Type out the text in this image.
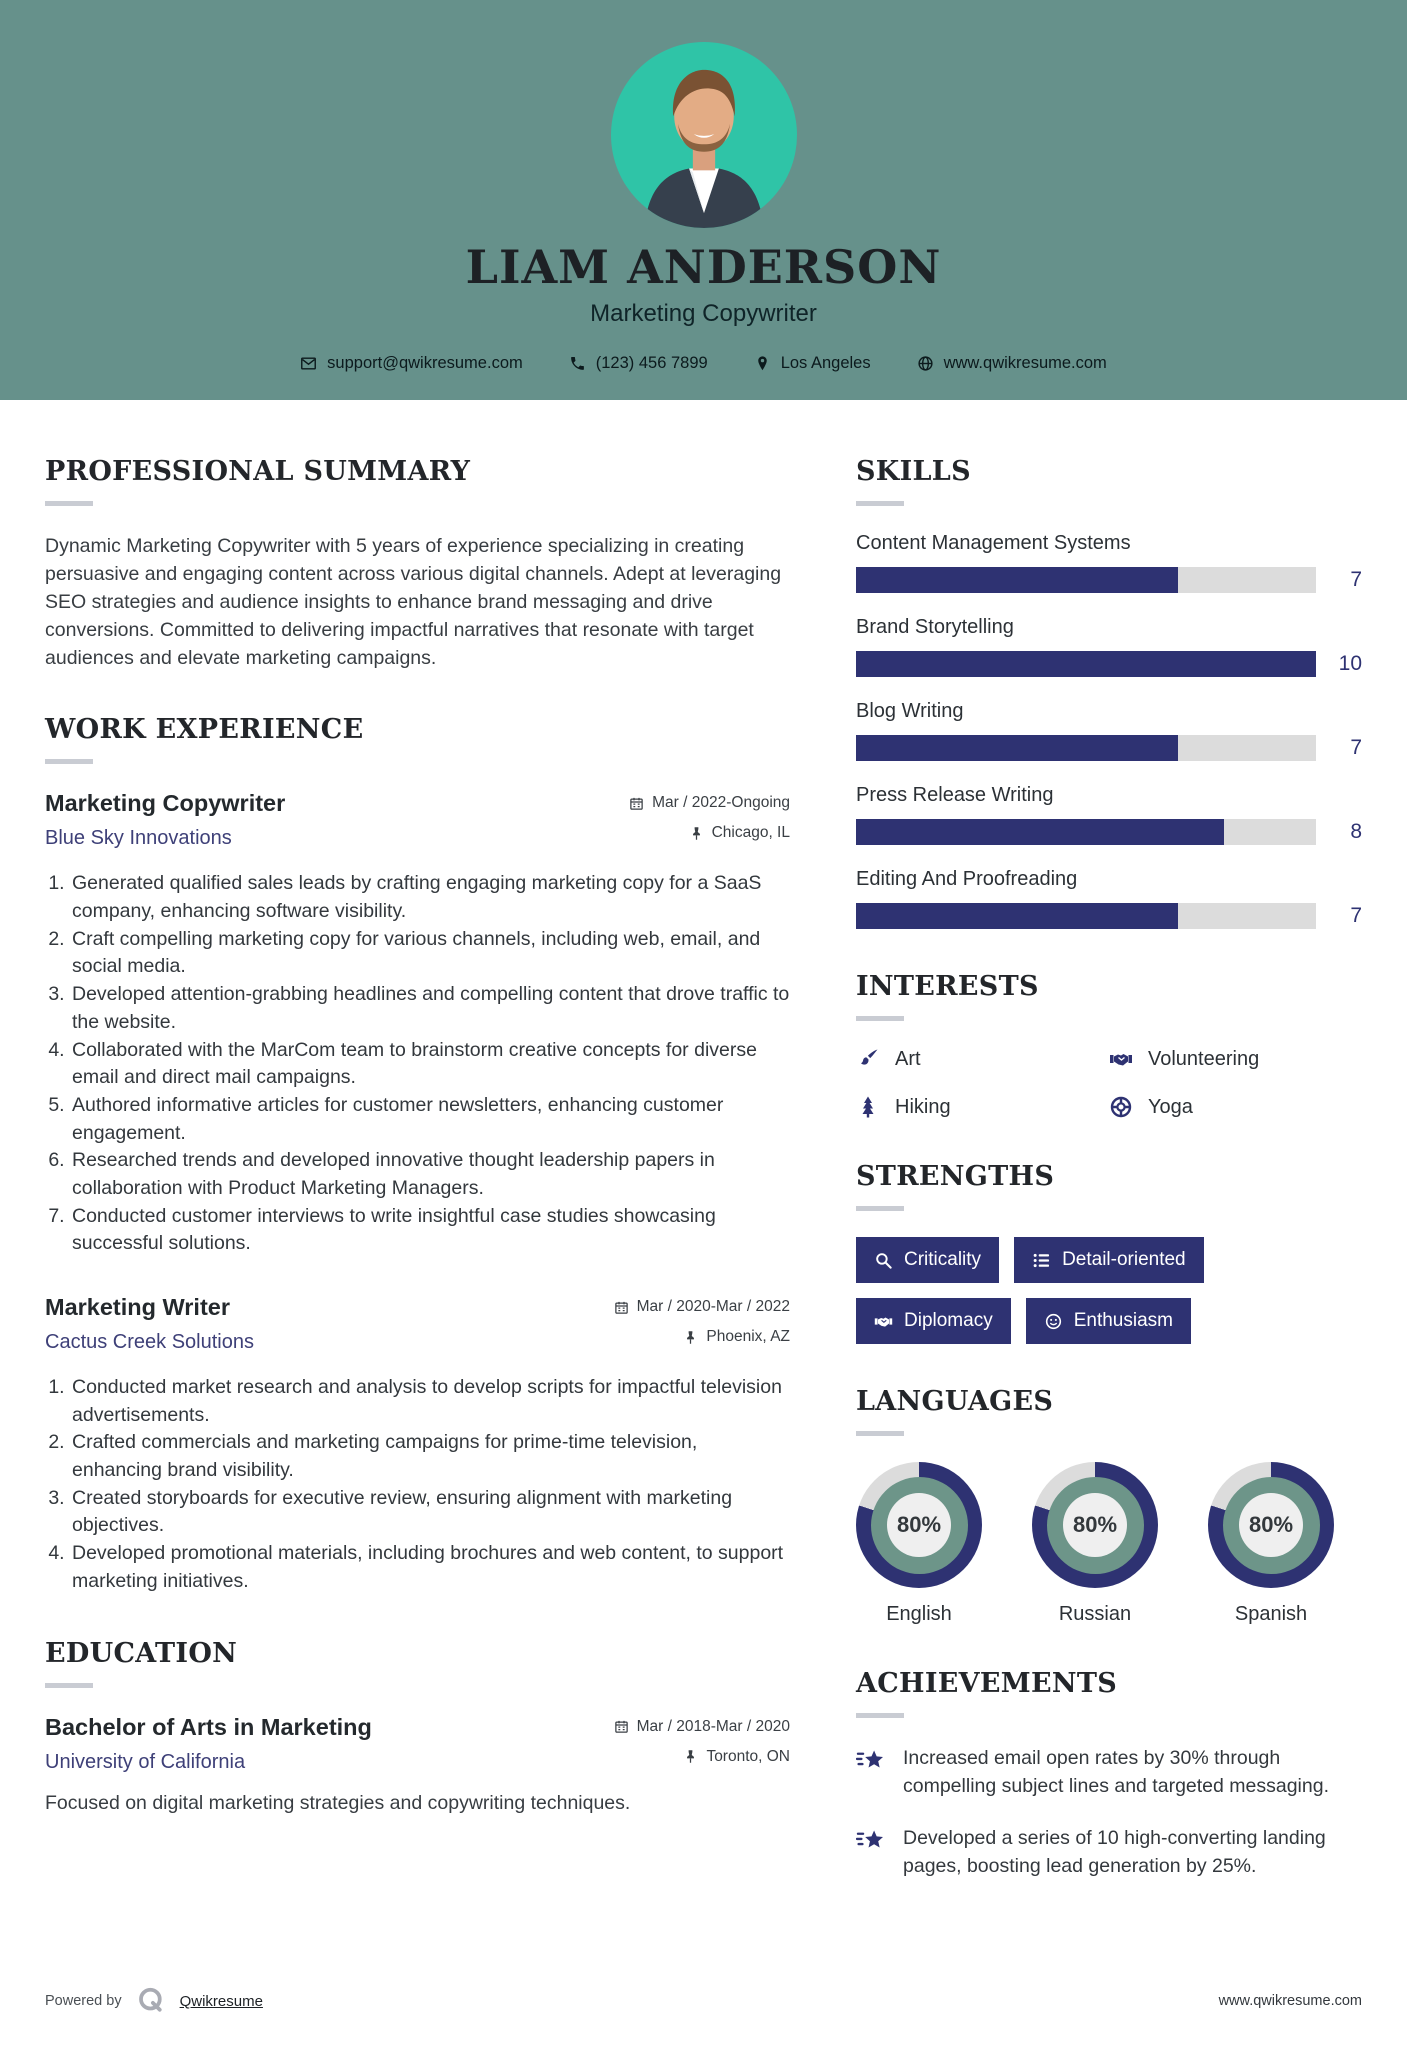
LIAM ANDERSON
Marketing Copywriter
support@qwikresume.com	(123) 456 7899	Los Angeles	www.qwikresume.com
PROFESSIONAL SUMMARY

Dynamic Marketing Copywriter with 5 years of experience specializing in creating persuasive and engaging content across various digital channels. Adept at leveraging SEO strategies and audience insights to enhance brand messaging and drive conversions. Committed to delivering impactful narratives that resonate with target audiences and elevate marketing campaigns.

WORK EXPERIENCE
Marketing Copywriter
Blue Sky Innovations
Mar / 2022-Ongoing
Chicago, IL
1. Generated qualified sales leads by crafting engaging marketing copy for a SaaS company, enhancing software visibility.
2. Craft compelling marketing copy for various channels, including web, email, and social media.
3. Developed attention-grabbing headlines and compelling content that drove traffic to the website.
4. Collaborated with the MarCom team to brainstorm creative concepts for diverse email and direct mail campaigns.
5. Authored informative articles for customer newsletters, enhancing customer engagement.
6. Researched trends and developed innovative thought leadership papers in collaboration with Product Marketing Managers.
7. Conducted customer interviews to write insightful case studies showcasing successful solutions.
Marketing Writer
Cactus Creek Solutions
Mar / 2020-Mar / 2022
Phoenix, AZ
1. Conducted market research and analysis to develop scripts for impactful television advertisements.
2. Crafted commercials and marketing campaigns for prime-time television, enhancing brand visibility.
3. Created storyboards for executive review, ensuring alignment with marketing objectives.
4. Developed promotional materials, including brochures and web content, to support marketing initiatives.
EDUCATION
Bachelor of Arts in Marketing
University of California
Mar / 2018-Mar / 2020
Toronto, ON

Focused on digital marketing strategies and copywriting techniques.

SKILLS
Content Management Systems
7
Brand Storytelling
10
Blog Writing
7
Press Release Writing
8
Editing And Proofreading
7
INTERESTS
Art	Volunteering
Hiking	Yoga
STRENGTHS
Criticality	Detail-oriented
Diplomacy	Enthusiasm
LANGUAGES
80%
English
80%
Russian
80%
Spanish
ACHIEVEMENTS
Increased email open rates by 30% through compelling subject lines and targeted messaging.
Developed a series of 10 high-converting landing pages, boosting lead generation by 25%.
Powered by	Qwikresume	www.qwikresume.com
